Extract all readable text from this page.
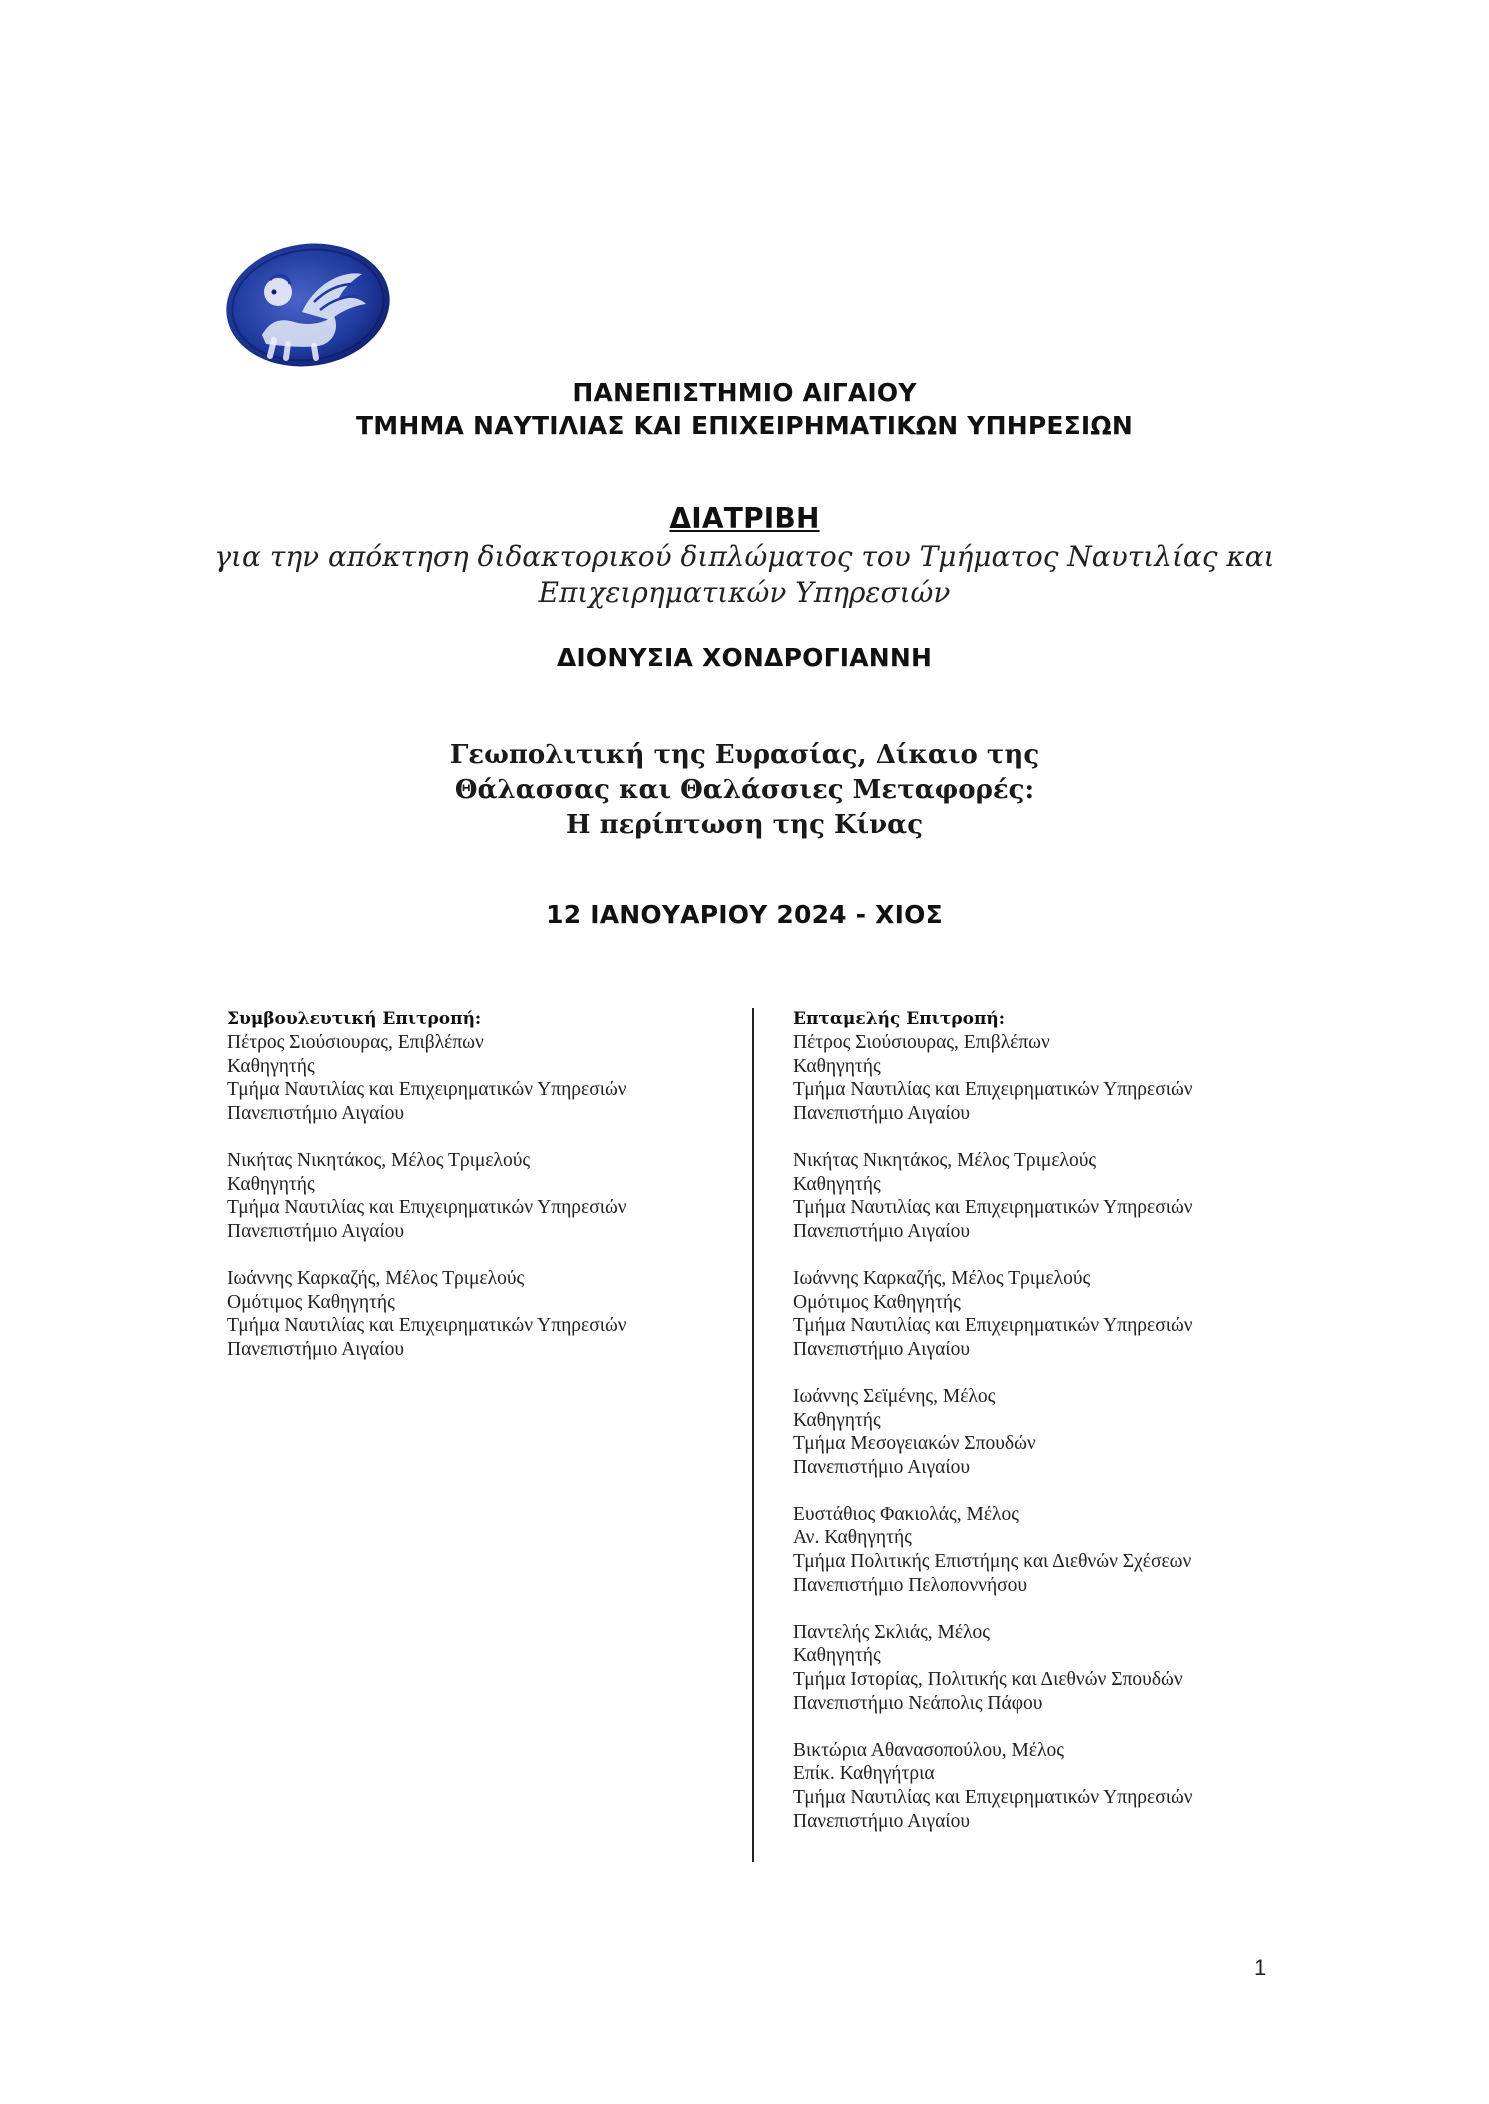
ΠΑΝΕΠΙΣΤΗΜΙΟ ΑΙΓΑΙΟΥ
ΤΜΗΜΑ ΝΑΥΤΙΛΙΑΣ ΚΑΙ ΕΠΙΧΕΙΡΗΜΑΤΙΚΩΝ ΥΠΗΡΕΣΙΩΝ
ΔΙΑΤΡΙΒΗ
για την απόκτηση διδακτορικού διπλώματος του Τμήματος Ναυτιλίας και
Επιχειρηματικών Υπηρεσιών
ΔΙΟΝΥΣΙΑ ΧΟΝΔΡΟΓΙΑΝΝΗ
Γεωπολιτική της Ευρασίας, Δίκαιο της
Θάλασσας και Θαλάσσιες Μεταφορές:
Η περίπτωση της Κίνας
12 ΙΑΝΟΥΑΡΙΟΥ 2024 - ΧΙΟΣ
Συμβουλευτική Επιτροπή:
Πέτρος Σιούσιουρας, Επιβλέπων
Καθηγητής
Τμήμα Ναυτιλίας και Επιχειρηματικών Υπηρεσιών
Πανεπιστήμιο Αιγαίου
Νικήτας Νικητάκος, Μέλος Τριμελούς
Καθηγητής
Τμήμα Ναυτιλίας και Επιχειρηματικών Υπηρεσιών
Πανεπιστήμιο Αιγαίου
Ιωάννης Καρκαζής, Μέλος Τριμελούς
Ομότιμος Καθηγητής
Τμήμα Ναυτιλίας και Επιχειρηματικών Υπηρεσιών
Πανεπιστήμιο Αιγαίου
Επταμελής Επιτροπή:
Πέτρος Σιούσιουρας, Επιβλέπων
Καθηγητής
Τμήμα Ναυτιλίας και Επιχειρηματικών Υπηρεσιών
Πανεπιστήμιο Αιγαίου
Νικήτας Νικητάκος, Μέλος Τριμελούς
Καθηγητής
Τμήμα Ναυτιλίας και Επιχειρηματικών Υπηρεσιών
Πανεπιστήμιο Αιγαίου
Ιωάννης Καρκαζής, Μέλος Τριμελούς
Ομότιμος Καθηγητής
Τμήμα Ναυτιλίας και Επιχειρηματικών Υπηρεσιών
Πανεπιστήμιο Αιγαίου
Ιωάννης Σεϊμένης, Μέλος
Καθηγητής
Τμήμα Μεσογειακών Σπουδών
Πανεπιστήμιο Αιγαίου
Ευστάθιος Φακιολάς, Μέλος
Αν. Καθηγητής
Τμήμα Πολιτικής Επιστήμης και Διεθνών Σχέσεων
Πανεπιστήμιο Πελοποννήσου
Παντελής Σκλιάς, Μέλος
Καθηγητής
Τμήμα Ιστορίας, Πολιτικής και Διεθνών Σπουδών
Πανεπιστήμιο Νεάπολις Πάφου
Βικτώρια Αθανασοπούλου, Μέλος
Επίκ. Καθηγήτρια
Τμήμα Ναυτιλίας και Επιχειρηματικών Υπηρεσιών
Πανεπιστήμιο Αιγαίου
1
